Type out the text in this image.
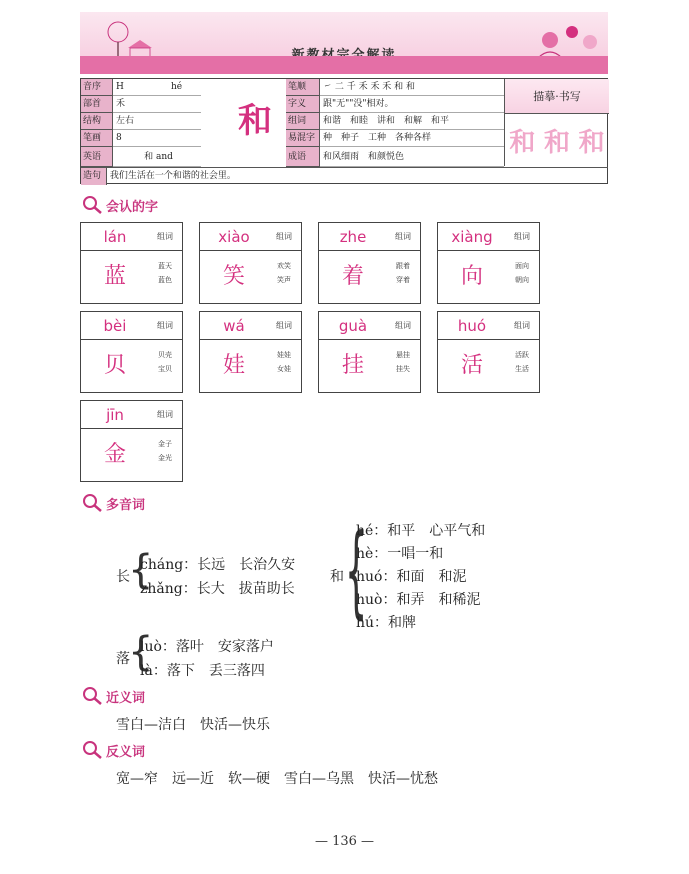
音序	H	hé
部首	禾
结构	左右
笔画	8
英语	和 and
和
笔顺	㇀ 二 千 禾 禾 禾 和 和
字义	跟"无""没"相对。
组词	和谐　和睦　讲和　和解　和平
易混字 种　种子　工种　各种各样
成语	和风细雨　和颜悦色
描摹·书写
和 和 和
造句 我们生活在一个和谐的社会里。
会认的字
lán	组词
蓝	蓝天
蓝色
xiào	组词
笑	欢笑
笑声
zhe	组词
着	跟着
穿着
xiàng	组词
向	面向
朝向
bèi	组词
贝	贝壳
宝贝
wá	组词
娃	娃娃
女娃
guà	组词
挂	悬挂
挂失
huó	组词
活	活跃
生活
jīn	组词
金	金子
金光
多音词
长
{
cháng：长远　长治久安
zhǎng：长大　拔苗助长
和 {
hé：和平　心平气和
hè：一唱一和
huó：和面　和泥
huò：和弄　和稀泥
hú：和牌
落
{
luò：落叶　安家落户
là：落下　丢三落四
近义词
雪白—洁白　快活—快乐
反义词
宽—窄　远—近　软—硬　雪白—乌黑　快活—忧愁
— 136 —
